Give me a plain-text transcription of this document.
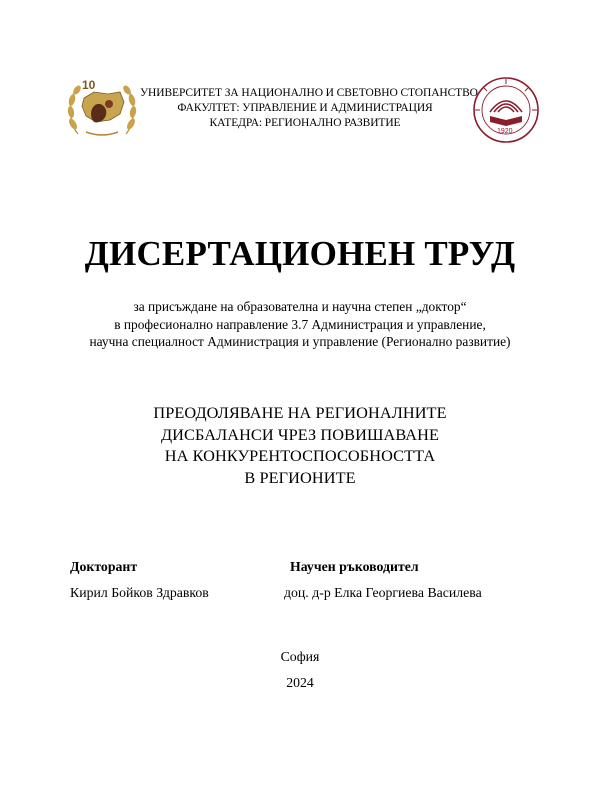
10
УНИВЕРСИТЕТ ЗА НАЦИОНАЛНО И СВЕТОВНО СТОПАНСТВО
ФАКУЛТЕТ: УПРАВЛЕНИЕ И АДМИНИСТРАЦИЯ
КАТЕДРА: РЕГИОНАЛНО РАЗВИТИЕ
1920
ДИСЕРТАЦИОНЕН ТРУД
за присъждане на образователна и научна степен „доктор“
в професионално направление 3.7 Администрация и управление,
научна специалност Администрация и управление (Регионално развитие)
ПРЕОДОЛЯВАНЕ НА РЕГИОНАЛНИТЕ
ДИСБАЛАНСИ ЧРЕЗ ПОВИШАВАНЕ
НА КОНКУРЕНТОСПОСОБНОСТТА
В РЕГИОНИТЕ
Докторант	Научен ръководител
Кирил Бойков Здравков	доц. д-р Елка Георгиева Василева
София
2024
